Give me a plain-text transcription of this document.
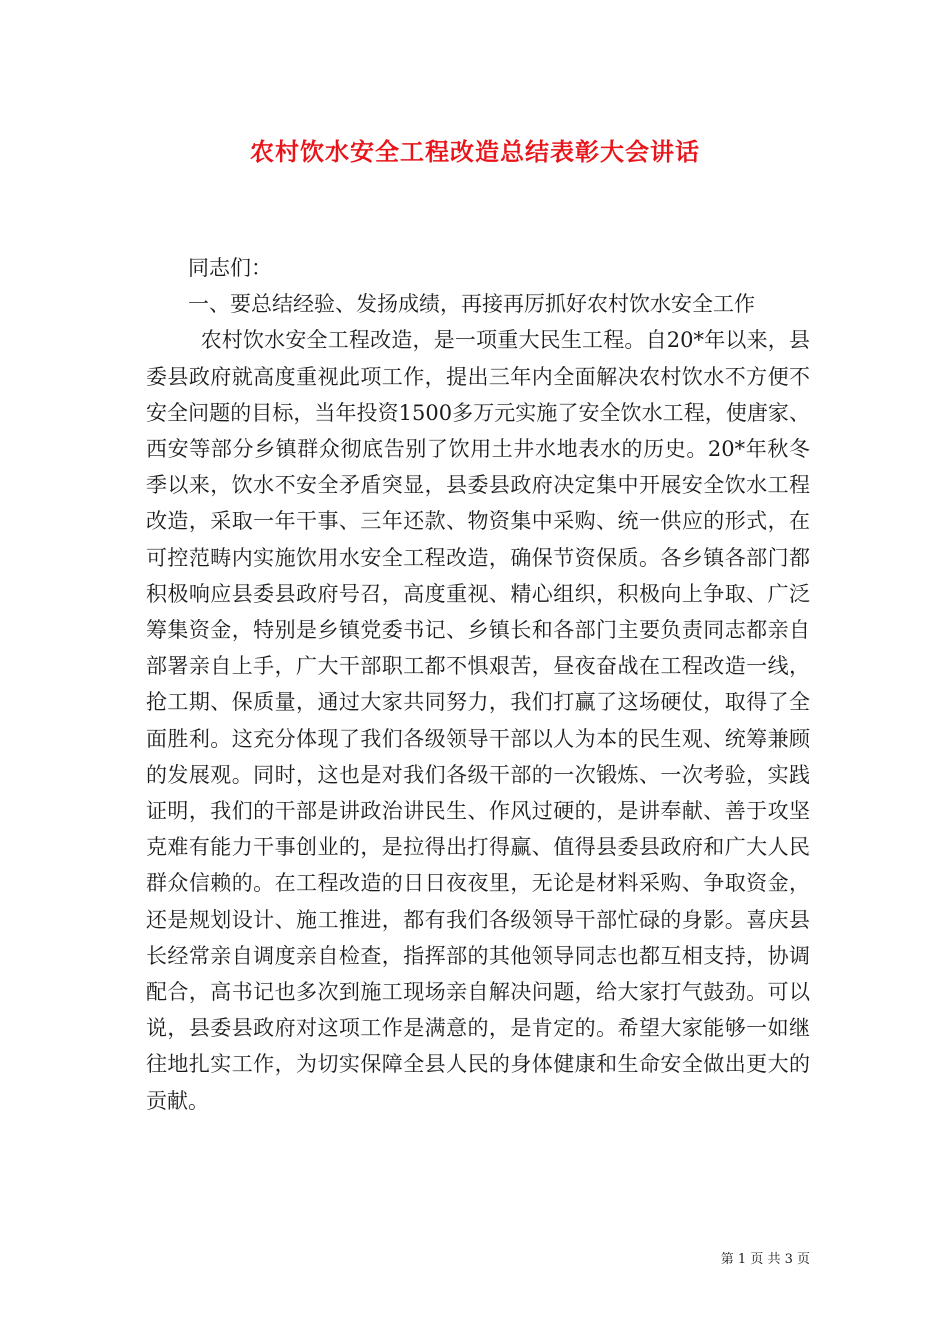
农村饮水安全工程改造总结表彰大会讲话

同志们：

一、要总结经验、发扬成绩，再接再厉抓好农村饮水安全工作

农村饮水安全工程改造，是一项重大民生工程。自20*年以来，县委县政府就高度重视此项工作，提出三年内全面解决农村饮水不方便不安全问题的目标，当年投资1500多万元实施了安全饮水工程，使唐家、西安等部分乡镇群众彻底告别了饮用土井水地表水的历史。20*年秋冬季以来，饮水不安全矛盾突显，县委县政府决定集中开展安全饮水工程改造，采取一年干事、三年还款、物资集中采购、统一供应的形式，在可控范畴内实施饮用水安全工程改造，确保节资保质。各乡镇各部门都积极响应县委县政府号召，高度重视、精心组织，积极向上争取、广泛筹集资金，特别是乡镇党委书记、乡镇长和各部门主要负责同志都亲自部署亲自上手，广大干部职工都不惧艰苦，昼夜奋战在工程改造一线，抢工期、保质量，通过大家共同努力，我们打赢了这场硬仗，取得了全面胜利。这充分体现了我们各级领导干部以人为本的民生观、统筹兼顾的发展观。同时，这也是对我们各级干部的一次锻炼、一次考验，实践证明，我们的干部是讲政治讲民生、作风过硬的，是讲奉献、善于攻坚克难有能力干事创业的，是拉得出打得赢、值得县委县政府和广大人民群众信赖的。在工程改造的日日夜夜里，无论是材料采购、争取资金，还是规划设计、施工推进，都有我们各级领导干部忙碌的身影。喜庆县长经常亲自调度亲自检查，指挥部的其他领导同志也都互相支持，协调配合，高书记也多次到施工现场亲自解决问题，给大家打气鼓劲。可以说，县委县政府对这项工作是满意的，是肯定的。希望大家能够一如继往地扎实工作，为切实保障全县人民的身体健康和生命安全做出更大的贡献。

第 1 页 共 3 页
